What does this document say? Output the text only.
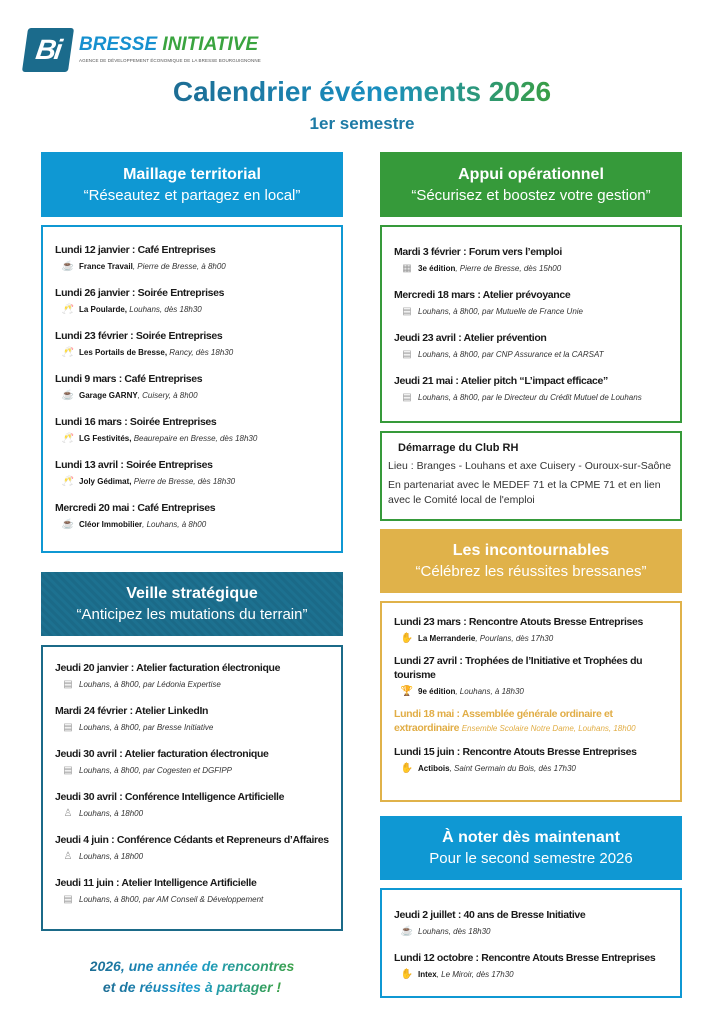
Bi BRESSE INITIATIVE
AGENCE DE DÉVELOPPEMENT ÉCONOMIQUE DE LA BRESSE BOURGUIGNONNE
Calendrier événements 2026
1er semestre
Maillage territorial
“Réseautez et partagez en local”
Lundi 12 janvier : Café Entreprises
☕ France Travail, Pierre de Bresse, à 8h00
Lundi 26 janvier : Soirée Entreprises
🥂 La Poularde, Louhans, dès 18h30
Lundi 23 février : Soirée Entreprises
🥂 Les Portails de Bresse, Rancy, dès 18h30
Lundi 9 mars : Café Entreprises
☕ Garage GARNY, Cuisery, à 8h00
Lundi 16 mars : Soirée Entreprises
🥂 LG Festivités, Beaurepaire en Bresse, dès 18h30
Lundi 13 avril : Soirée Entreprises
🥂 Joly Gédimat, Pierre de Bresse, dès 18h30
Mercredi 20 mai : Café Entreprises
☕ Cléor Immobilier, Louhans, à 8h00
Veille stratégique
“Anticipez les mutations du terrain”
Jeudi 20 janvier : Atelier facturation électronique
▤ Louhans, à 8h00, par Lédonia Expertise
Mardi 24 février : Atelier LinkedIn
▤ Louhans, à 8h00, par Bresse Initiative
Jeudi 30 avril : Atelier facturation électronique
▤ Louhans, à 8h00, par Cogesten et DGFIPP
Jeudi 30 avril : Conférence Intelligence Artificielle
♙ Louhans, à 18h00
Jeudi 4 juin : Conférence Cédants et Repreneurs d’Affaires
♙ Louhans, à 18h00
Jeudi 11 juin : Atelier Intelligence Artificielle
▤ Louhans, à 8h00, par AM Conseil & Développement
2026, une année de rencontres
et de réussites à partager !
Appui opérationnel
“Sécurisez et boostez votre gestion”
Mardi 3 février : Forum vers l’emploi
▦ 3e édition, Pierre de Bresse, dès 15h00
Mercredi 18 mars : Atelier prévoyance
▤ Louhans, à 8h00, par Mutuelle de France Unie
Jeudi 23 avril : Atelier prévention
▤ Louhans, à 8h00, par CNP Assurance et la CARSAT
Jeudi 21 mai : Atelier pitch “L’impact efficace”
▤ Louhans, à 8h00, par le Directeur du Crédit Mutuel de Louhans
Démarrage du Club RH
Lieu : Branges - Louhans et axe Cuisery - Ouroux-sur-Saône
En partenariat avec le MEDEF 71 et la CPME 71 et en lien avec le Comité local de l'emploi
Les incontournables
“Célébrez les réussites bressanes”
Lundi 23 mars : Rencontre Atouts Bresse Entreprises
✋ La Merranderie, Pourlans, dès 17h30
Lundi 27 avril : Trophées de l’Initiative et Trophées du tourisme
🏆 9e édition, Louhans, à 18h30
Lundi 18 mai : Assemblée générale ordinaire et extraordinaire Ensemble Scolaire Notre Dame, Louhans, 18h00
Lundi 15 juin : Rencontre Atouts Bresse Entreprises
✋ Actibois, Saint Germain du Bois, dès 17h30
À noter dès maintenant
Pour le second semestre 2026
Jeudi 2 juillet : 40 ans de Bresse Initiative
☕ Louhans, dès 18h30
Lundi 12 octobre : Rencontre Atouts Bresse Entreprises
✋ Intex, Le Miroir, dès 17h30
